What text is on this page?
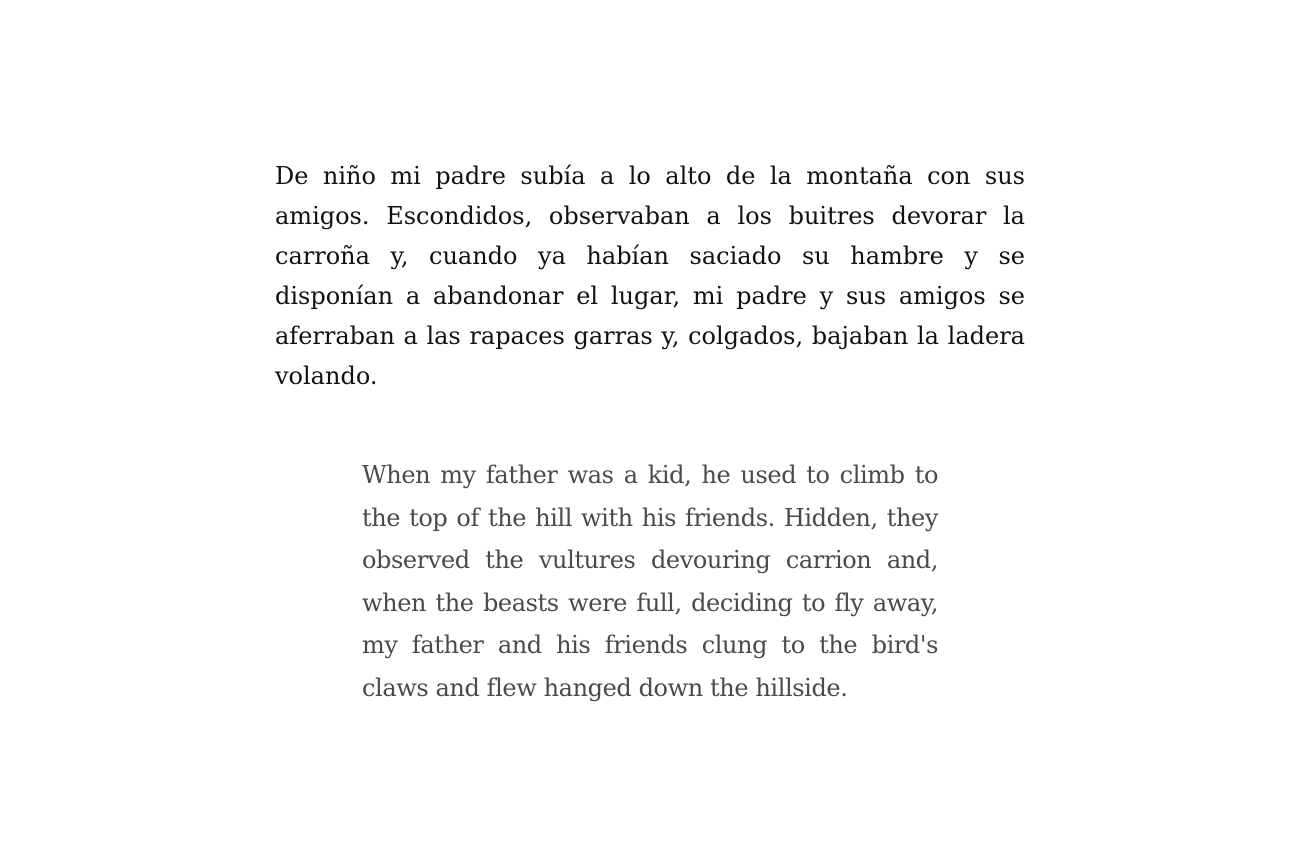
De niño mi padre subía a lo alto de la montaña con sus amigos. Escondidos, observaban a los buitres devorar la carroña y, cuando ya habían saciado su hambre y se disponían a abandonar el lugar, mi padre y sus amigos se aferraban a las rapaces garras y, colgados, bajaban la ladera volando.

When my father was a kid, he used to climb to the top of the hill with his friends. Hidden, they observed the vultures devouring carrion and, when the beasts were full, deciding to fly away, my father and his friends clung to the bird's claws and flew hanged down the hillside.
